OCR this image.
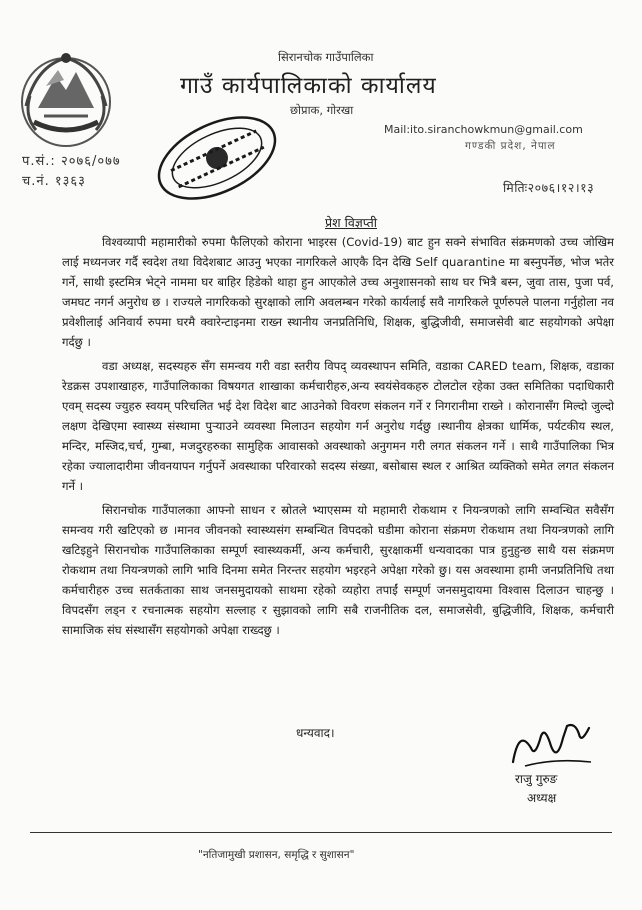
सिरानचोक गाउँपालिका
गाउँ कार्यपालिकाको कार्यालय
छोप्राक, गोरखा
Mail:ito.siranchowkmun@gmail.com
गण्डकी प्रदेश, नेपाल
प.सं.: २०७६/०७७
च.नं. १३६३	मितिः२०७६।१२।१३
प्रेश विज्ञप्ती

विश्वव्यापी महामारीको रुपमा फैलिएको कोराना भाइरस (Covid-19) बाट हुन सक्ने संभावित संक्रमणको उच्च जोखिम लाई मध्यनजर गर्दै स्वदेश तथा विदेशबाट आउनु भएका नागरिकले आएकै दिन देखि Self quarantine मा बस्नुपर्नेछ, भोज भतेर गर्ने, साथी इस्टमित्र भेट्ने नाममा घर बाहिर हिडेको थाहा हुन आएकोले उच्च अनुशासनको साथ घर भित्रै बस्न, जुवा तास, पुजा पर्व, जमघट नगर्न अनुरोध छ । राज्यले नागरिकको सुरक्षाको लागि अवलम्बन गरेको कार्यलाई सवै नागरिकले पूर्णरुपले पालना गर्नुहोला नव प्रवेशीलाई अनिवार्य रुपमा घरमै क्वारेन्टाइनमा राख्न स्थानीय जनप्रतिनिधि, शिक्षक, बुद्धिजीवी, समाजसेवी बाट सहयोगको अपेक्षा गर्दछु ।

वडा अध्यक्ष, सदस्यहरु सँग समन्वय गरी वडा स्तरीय विपद् व्यवस्थापन समिति, वडाका CARED team, शिक्षक, वडाका रेडक्रस उपशाखाहरु, गाउँपालिकाका विषयगत शाखाका कर्मचारीहरु,अन्य स्वयंसेवकहरु टोलटोल रहेका उक्त समितिका पदाधिकारी एवम् सदस्य ज्युहरु स्वयम् परिचलित भई देश विदेश बाट आउनेको विवरण संकलन गर्ने र निगरानीमा राख्ने । कोरानासँग मिल्दो जुल्दो लक्षण देखिएमा स्वास्थ्य संस्थामा पुऱ्याउने व्यवस्था मिलाउन सहयोग गर्न अनुरोध गर्दछु ।स्थानीय क्षेत्रका धार्मिक, पर्यटकीय स्थल, मन्दिर, मस्जिद,चर्च, गुम्बा, मजदुरहरुका सामुहिक आवासको अवस्थाको अनुगमन गरी लगत संकलन गर्ने । साथै गाउँपालिका भित्र रहेका ज्यालादारीमा जीवनयापन गर्नुपर्ने अवस्थाका परिवारको सदस्य संख्या, बसोबास स्थल र आश्रित व्यक्तिको समेत लगत संकलन गर्ने ।

सिरानचोक गाउँपालकाा आफ्नो साधन र स्रोतले भ्याएसम्म यो महामारी रोकथाम र नियन्त्रणको लागि सम्वन्धित सवैसँग समन्वय गरी खटिएको छ ।मानव जीवनको स्वास्थ्यसंग सम्बन्धित विपदको घडीमा कोराना संक्रमण रोकथाम तथा नियन्त्रणको लागि खटिइहुने सिरानचोक गाउँपालिकाका सम्पूर्ण स्वास्थ्यकर्मी, अन्य कर्मचारी, सुरक्षाकर्मी धन्यवादका पात्र हुनुहुन्छ साथै यस संक्रमण रोकथाम तथा नियन्त्रणको लागि भावि दिनमा समेत निरन्तर सहयोग भइरहने अपेक्षा गरेको छु। यस अवस्थामा हामी जनप्रतिनिधि तथा कर्मचारीहरु उच्च सतर्कताका साथ जनसमुदायको साथमा रहेको व्यहोरा तपाईं सम्पूर्ण जनसमुदायमा विश्वास दिलाउन चाहन्छु । विपदसँग लड्न र रचनात्मक सहयोग सल्लाह र सुझावको लागि सबै राजनीतिक दल, समाजसेवी, बुद्धिजीवि, शिक्षक, कर्मचारी सामाजिक संघ संस्थासँग सहयोगको अपेक्षा राख्दछु ।

धन्यवाद।
राजु गुरुङ
अध्यक्ष
"नतिजामुखी प्रशासन, समृद्धि र सुशासन"
